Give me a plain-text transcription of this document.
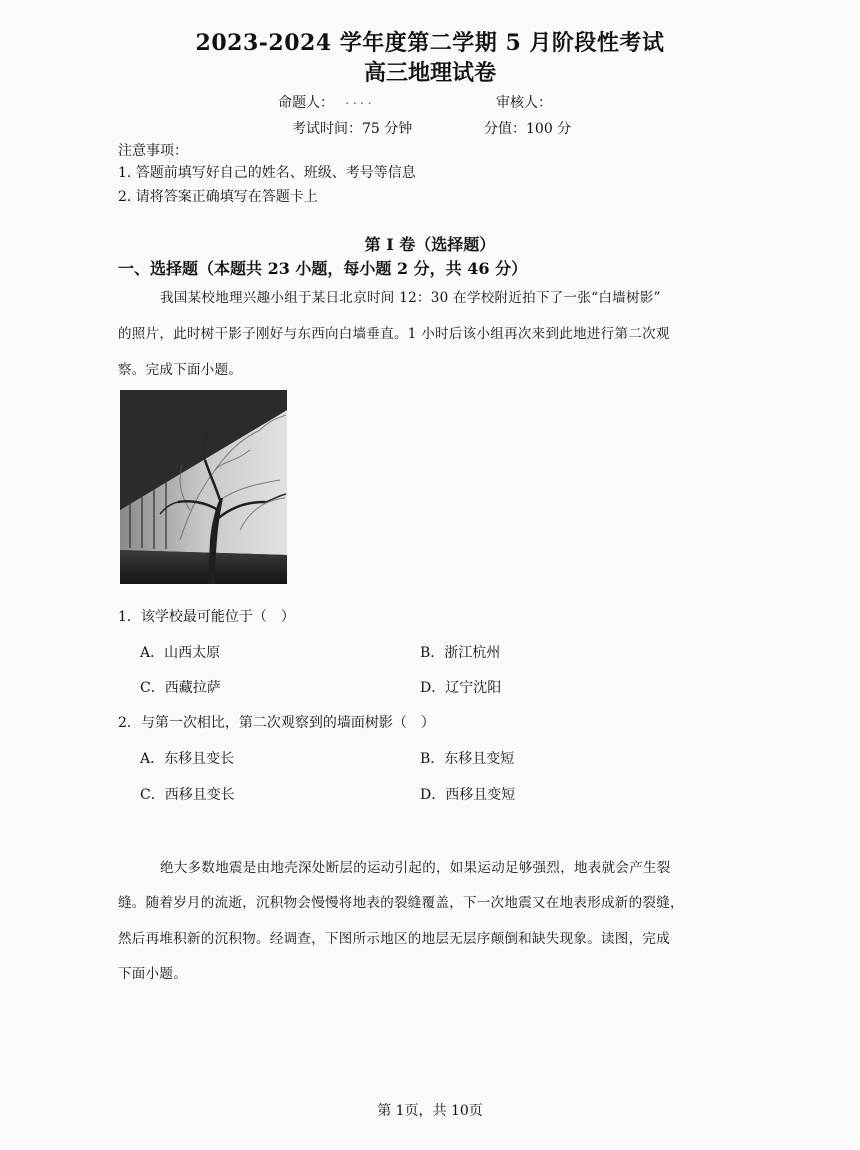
2023-2024 学年度第二学期 5 月阶段性考试
高三地理试卷
命题人： ....	审核人：
考试时间：75 分钟	分值：100 分
注意事项：
1. 答题前填写好自己的姓名、班级、考号等信息
2. 请将答案正确填写在答题卡上
第 I 卷（选择题）
一、选择题（本题共 23 小题，每小题 2 分，共 46 分）
我国某校地理兴趣小组于某日北京时间 12：30 在学校附近拍下了一张“白墙树影”
的照片，此时树干影子刚好与东西向白墙垂直。1 小时后该小组再次来到此地进行第二次观
察。完成下面小题。
1．该学校最可能位于（　）
A．山西太原	B．浙江杭州
C．西藏拉萨	D．辽宁沈阳
2．与第一次相比，第二次观察到的墙面树影（　）
A．东移且变长	B．东移且变短
C．西移且变长	D．西移且变短
绝大多数地震是由地壳深处断层的运动引起的，如果运动足够强烈，地表就会产生裂
缝。随着岁月的流逝，沉积物会慢慢将地表的裂缝覆盖，下一次地震又在地表形成新的裂缝，
然后再堆积新的沉积物。经调查，下图所示地区的地层无层序颠倒和缺失现象。读图，完成
下面小题。
第 1页，共 10页
